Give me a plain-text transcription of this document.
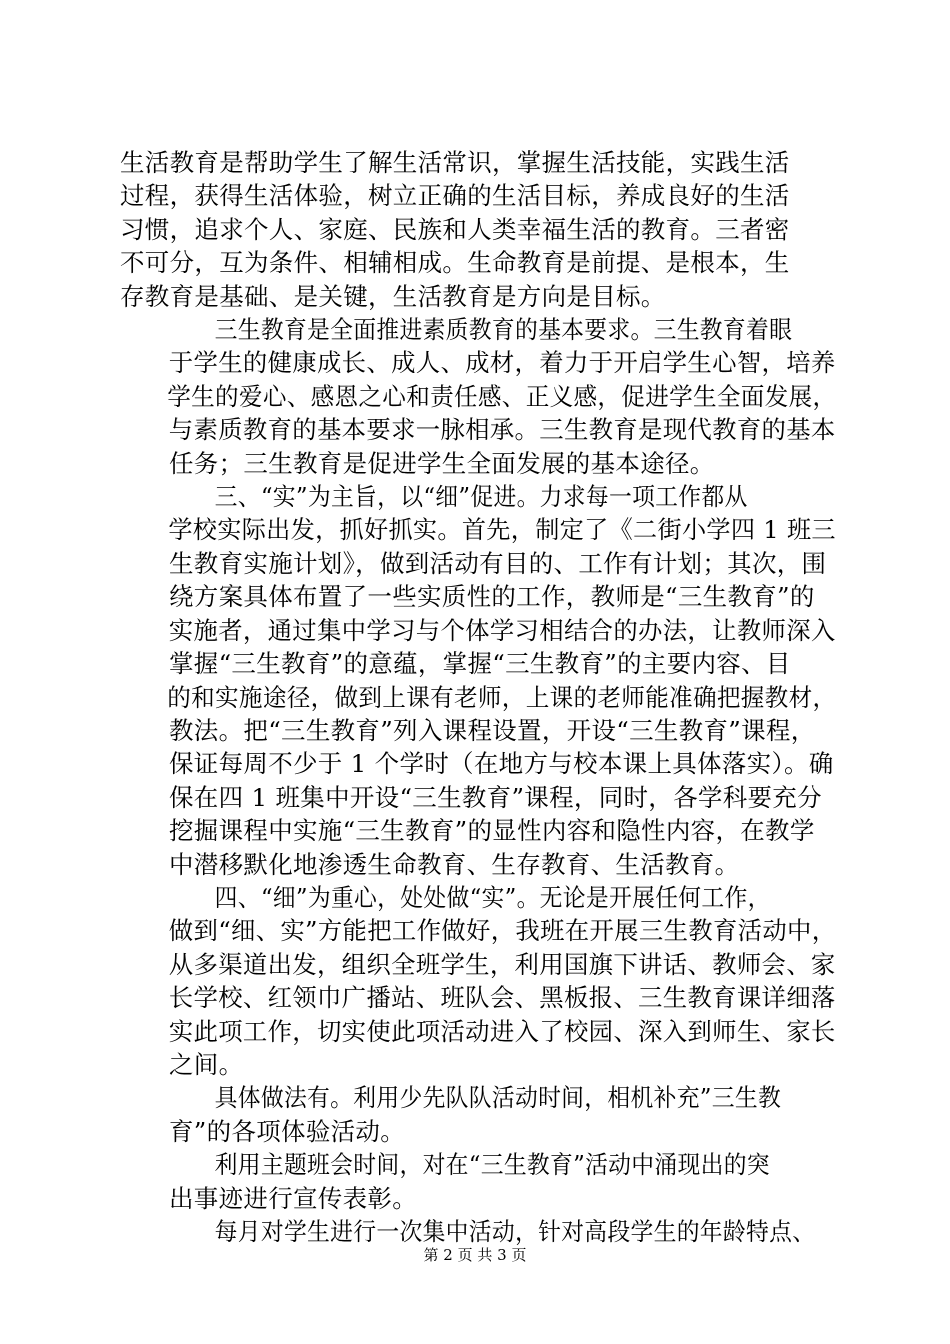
生活教育是帮助学生了解生活常识，掌握生活技能，实践生活
过程，获得生活体验，树立正确的生活目标，养成良好的生活
习惯，追求个人、家庭、民族和人类幸福生活的教育。三者密
不可分，互为条件、相辅相成。生命教育是前提、是根本，生
存教育是基础、是关键，生活教育是方向是目标。

三生教育是全面推进素质教育的基本要求。三生教育着眼 于学生的健康成长、成人、成材，着力于开启学生心智，培养 学生的爱心、感恩之心和责任感、正义感，促进学生全面发展， 与素质教育的基本要求一脉相承。三生教育是现代教育的基本
任务；三生教育是促进学生全面发展的基本途径。

三、“实”为主旨，以“细”促进。力求每一项工作都从 学校实际出发，抓好抓实。首先，制定了《二街小学四 1 班三
生教育实施计划》，做到活动有目的、工作有计划；其次，围
绕方案具体布置了一些实质性的工作，教师是“三生教育”的
实施者，通过集中学习与个体学习相结合的办法，让教师深入
掌握“三生教育”的意蕴，掌握“三生教育”的主要内容、目
的和实施途径，做到上课有老师，上课的老师能准确把握教材，
教法。把“三生教育”列入课程设置，开设“三生教育”课程，
保证每周不少于 1 个学时（在地方与校本课上具体落实）。确
保在四 1 班集中开设“三生教育”课程，同时，各学科要充分
挖掘课程中实施“三生教育”的显性内容和隐性内容，在教学
中潜移默化地渗透生命教育、生存教育、生活教育。

四、“细”为重心，处处做“实”。无论是开展任何工作， 做到“细、实”方能把工作做好，我班在开展三生教育活动中， 从多渠道出发，组织全班学生，利用国旗下讲话、教师会、家 长学校、红领巾广播站、班队会、黑板报、三生教育课详细落 实此项工作，切实使此项活动进入了校园、深入到师生、家长
之间。

具体做法有。利用少先队队活动时间，相机补充”三生教
育”的各项体验活动。

利用主题班会时间，对在“三生教育”活动中涌现出的突
出事迹进行宣传表彰。

每月对学生进行一次集中活动，针对高段学生的年龄特点、

第 2 页 共 3 页
